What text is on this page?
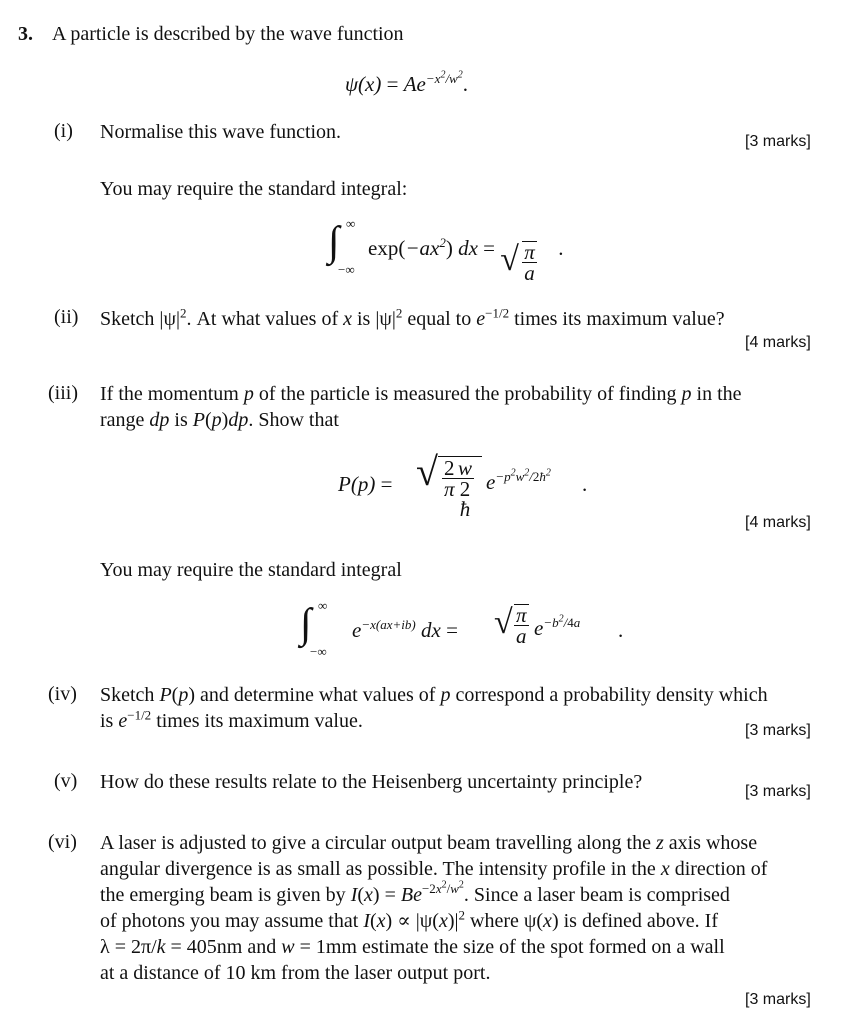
3. A particle is described by the wave function
$\psi(x) = Ae^{-x^2/w^2}$.
(i) Normalise this wave function.	[3 marks]
You may require the standard integral:
∫ ∞
−∞
$\exp(-ax^2)$ dx = √ $\frac{\pi}{a}$ .
(ii) Sketch $|\psi|^2$. At what values of x is $|\psi|^2$ equal to $e^{-1/2}$ times its maximum value?
[4 marks]
(iii) If the momentum p of the particle is measured the probability of finding p in the
range dp is P(p)dp. Show that
P(p) = √ $\frac{2}{\pi}$ w
2
ħ $e^{-p^2w^2/2ħ^2}$ .
[4 marks]
You may require the standard integral
∫ ∞
−∞
$e^{-x(ax+ib)}$ dx = √ $\frac{\pi}{a} e^{-b^2/4a}$ .
(iv) Sketch P(p) and determine what values of p correspond a probability density which
is $e^{-1/2}$ times its maximum value.	[3 marks]
(v) How do these results relate to the Heisenberg uncertainty principle?	[3 marks]
(vi) A laser is adjusted to give a circular output beam travelling along the z axis whose
angular divergence is as small as possible. The intensity profile in the x direction of
the emerging beam is given by $I(x) = Be^{-2x^2/w^2}$. Since a laser beam is comprised
of photons you may assume that $I(x) \propto |\psi(x)|^2$ where ψ(x) is defined above. If
λ = 2π/k = 405nm and w = 1mm estimate the size of the spot formed on a wall
at a distance of 10 km from the laser output port.
[3 marks]
